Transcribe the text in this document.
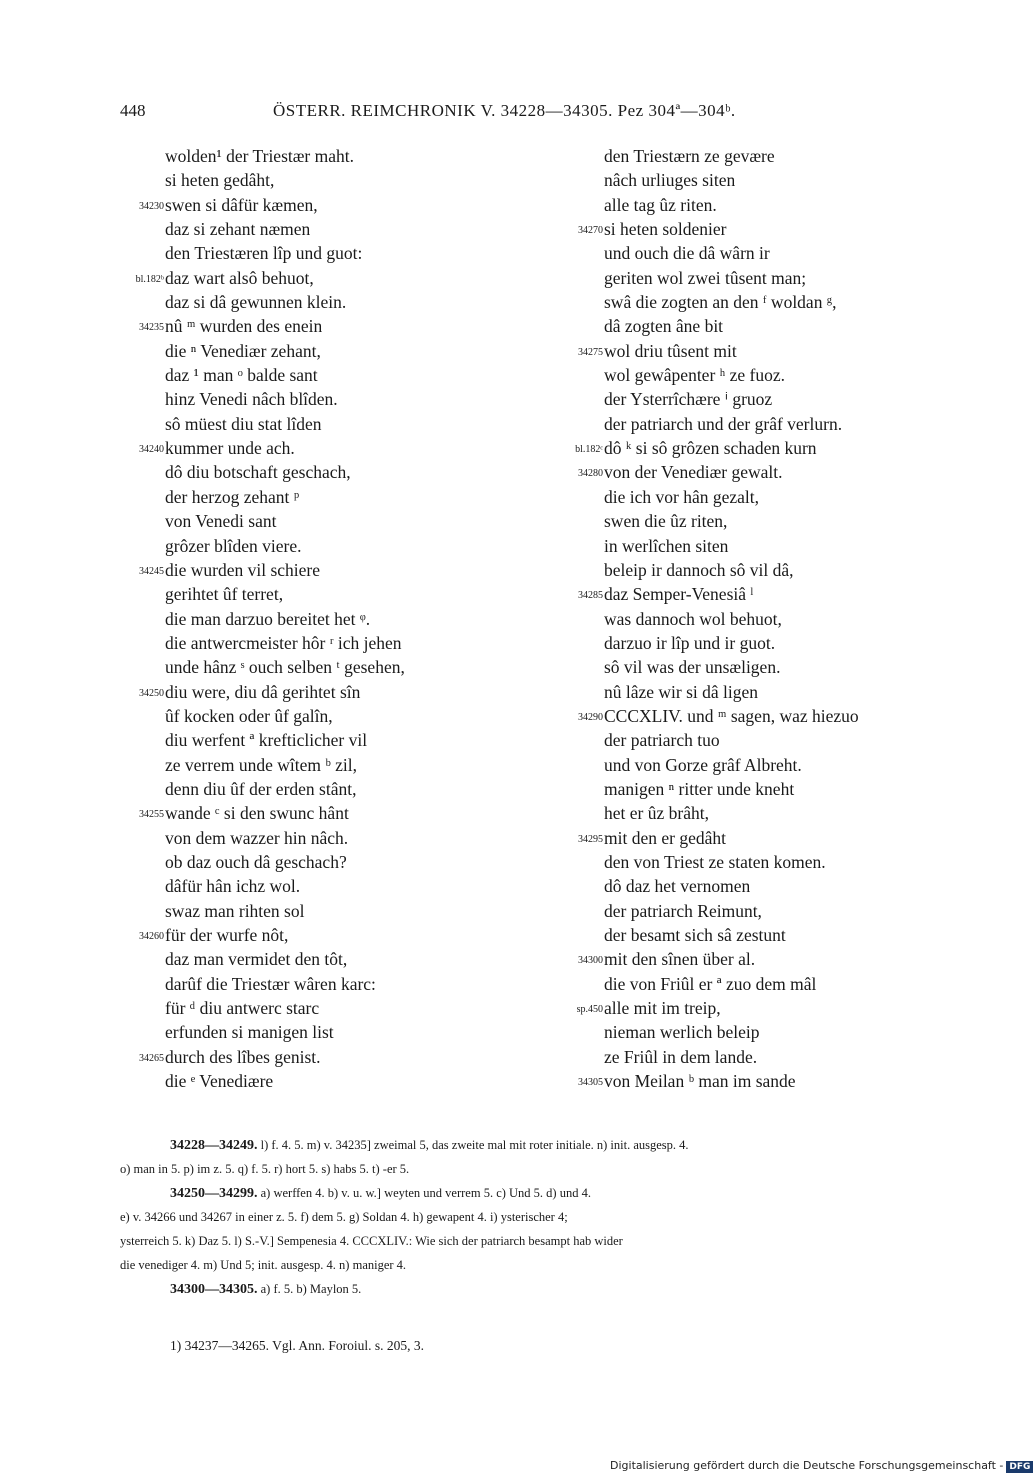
448	ÖSTERR. REIMCHRONIK V. 34228—34305. Pez 304ª—304ᵇ.
wolden¹ der Triestær maht.
si heten gedâht,
34230 swen si dâfür kæmen,
daz si zehant næmen
den Triestæren lîp und guot:
bl.182ᵇ daz wart alsô behuot,
daz si dâ gewunnen klein.
34235 nû ᵐ wurden des enein
die ⁿ Venediær zehant,
daz ¹ man ᵒ balde sant
hinz Venedi nâch blîden.
sô müest diu stat lîden
34240 kummer unde ach.
dô diu botschaft geschach,
der herzog zehant ᵖ
von Venedi sant
grôzer blîden viere.
34245 die wurden vil schiere
gerihtet ûf terret,
die man darzuo bereitet het ᵠ.
die antwercmeister hôr ʳ ich jehen
unde hânz ˢ ouch selben ᵗ gesehen,
34250 diu were, diu dâ gerihtet sîn
ûf kocken oder ûf galîn,
diu werfent ª krefticlicher vil
ze verrem unde wîtem ᵇ zil,
denn diu ûf der erden stânt,
34255 wande ᶜ si den swunc hânt
von dem wazzer hin nâch.
ob daz ouch dâ geschach?
dâfür hân ichz wol.
swaz man rihten sol
34260 für der wurfe nôt,
daz man vermidet den tôt,
darûf die Triestær wâren karc:
für ᵈ diu antwerc starc
erfunden si manigen list
34265 durch des lîbes genist.
die ᵉ Venediære
den Triestærn ze gevære
nâch urliuges siten
alle tag ûz riten.
34270 si heten soldenier
und ouch die dâ wârn ir
geriten wol zwei tûsent man;
swâ die zogten an den ᶠ woldan ᵍ,
dâ zogten âne bit
34275 wol driu tûsent mit
wol gewâpenter ʰ ze fuoz.
der Ysterrîchære ⁱ gruoz
der patriarch und der grâf verlurn.
bl.182ᶜ dô ᵏ si sô grôzen schaden kurn
34280 von der Venediær gewalt.
die ich vor hân gezalt,
swen die ûz riten,
in werlîchen siten
beleip ir dannoch sô vil dâ,
34285 daz Semper-Venesiâ ˡ
was dannoch wol behuot,
darzuo ir lîp und ir guot.
sô vil was der unsæligen.
nû lâze wir si dâ ligen
34290 CCCXLIV. und ᵐ sagen, waz hiezuo
der patriarch tuo
und von Gorze grâf Albreht.
manigen ⁿ ritter unde kneht
het er ûz brâht,
34295 mit den er gedâht
den von Triest ze staten komen.
dô daz het vernomen
der patriarch Reimunt,
der besamt sich sâ zestunt
34300 mit den sînen über al.
die von Friûl er ª zuo dem mâl
sp.450 alle mit im treip,
nieman werlich beleip
ze Friûl in dem lande.
34305 von Meilan ᵇ man im sande
34228—34249. l) f. 4. 5. m) v. 34235] zweimal 5, das zweite mal mit roter initiale. n) init. ausgesp. 4.
o) man in 5. p) im z. 5. q) f. 5. r) hort 5. s) habs 5. t) -er 5.
34250—34299. a) werffen 4. b) v. u. w.] weyten und verrem 5. c) Und 5. d) und 4.
e) v. 34266 und 34267 in einer z. 5. f) dem 5. g) Soldan 4. h) gewapent 4. i) ysterischer 4;
ysterreich 5. k) Daz 5. l) S.-V.] Sempenesia 4. CCCXLIV.: Wie sich der patriarch besampt hab wider
die venediger 4. m) Und 5; init. ausgesp. 4. n) maniger 4.
34300—34305. a) f. 5. b) Maylon 5.
1) 34237—34265. Vgl. Ann. Foroiul. s. 205, 3.
Digitalisierung gefördert durch die Deutsche Forschungsgemeinschaft - DFG
